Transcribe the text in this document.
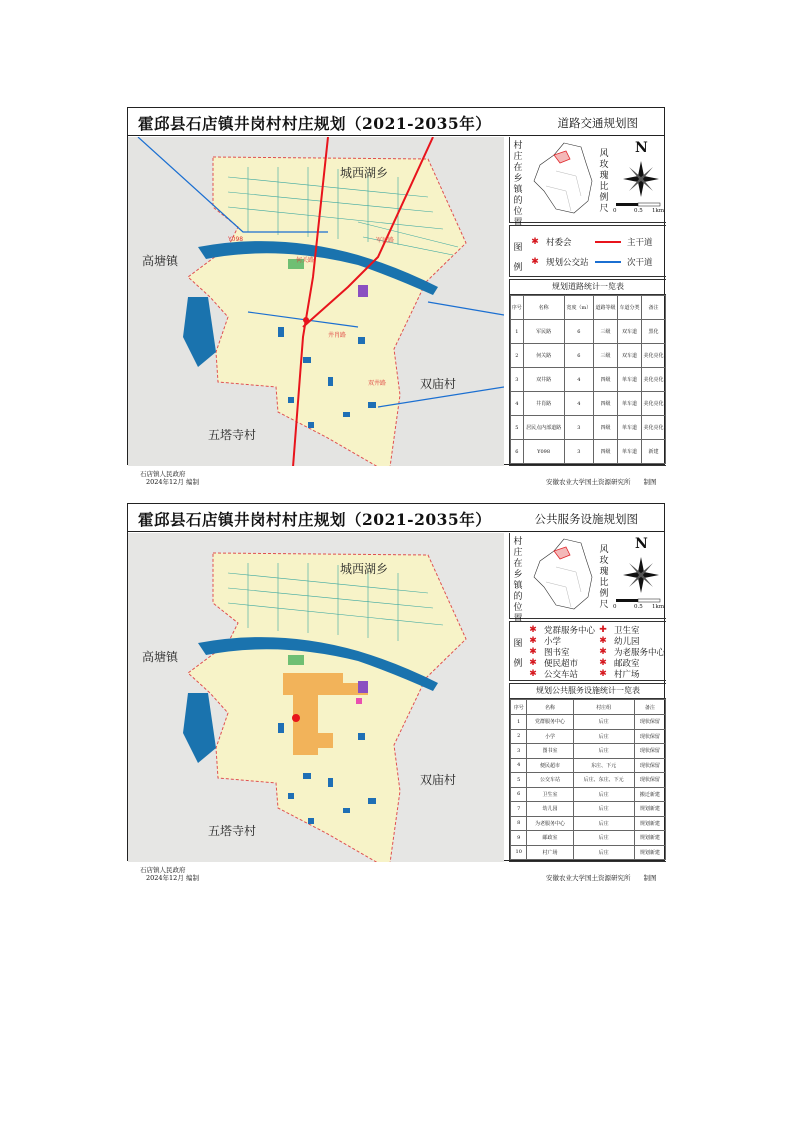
霍邱县石店镇井岗村村庄规划（2021-2035年）	道路交通规划图
城西湖乡
高塘镇
双庙村
五塔寺村
Y098	军民路
何关路
井肖路
双井路
村
庄
在
乡
镇
的
位
置
风
玫
瑰
比
例
尺
N
0	0.5 1km
图
例
✱ 村委会	主干道
✱ 规划公交站	次干道
规划道路统计一览表
序号	名称	宽度（m）	道路等级	车道分类	备注
1	军民路	6	三级	双车道	黑化
2	何关路	6	三级	双车道	美化亮化
3	双井路	4	四级	单车道	美化亮化
4	井肖路	4	四级	单车道	美化亮化
5	居民点内部道路	3	四级	单车道	美化亮化
6	Y098	3	四级	单车道	新建
石店镇人民政府
2024年12月 编制	安徽农业大学国土资源研究所　　制图
霍邱县石店镇井岗村村庄规划（2021-2035年）	公共服务设施规划图
城西湖乡
高塘镇
双庙村
五塔寺村
村
庄
在
乡
镇
的
位
置
风
玫
瑰
比
例
尺
N
0	0.5 1km
图
例
✱ 党群服务中心 ✚ 卫生室
✱ 小学	✱ 幼儿园
✱ 图书室	✱ 为老服务中心
✱ 便民超市 ✱ 邮政室
✱ 公交车站 ✱ 村广场
规划公共服务设施统计一览表
序号	名称	村庄组	备注
1	党群服务中心	后庄	现状保留
2	小学	后庄	现状保留
3	图书室	后庄	现状保留
4	便民超市	东庄、下元	现状保留
5	公交车站	后庄、东庄、下元	现状保留
6	卫生室	后庄	搬迁新建
7	幼儿园	后庄	规划新建
8	为老服务中心	后庄	规划新建
9	邮政室	后庄	规划新建
10	村广场	后庄	规划新建
石店镇人民政府
2024年12月 编制	安徽农业大学国土资源研究所　　制图
